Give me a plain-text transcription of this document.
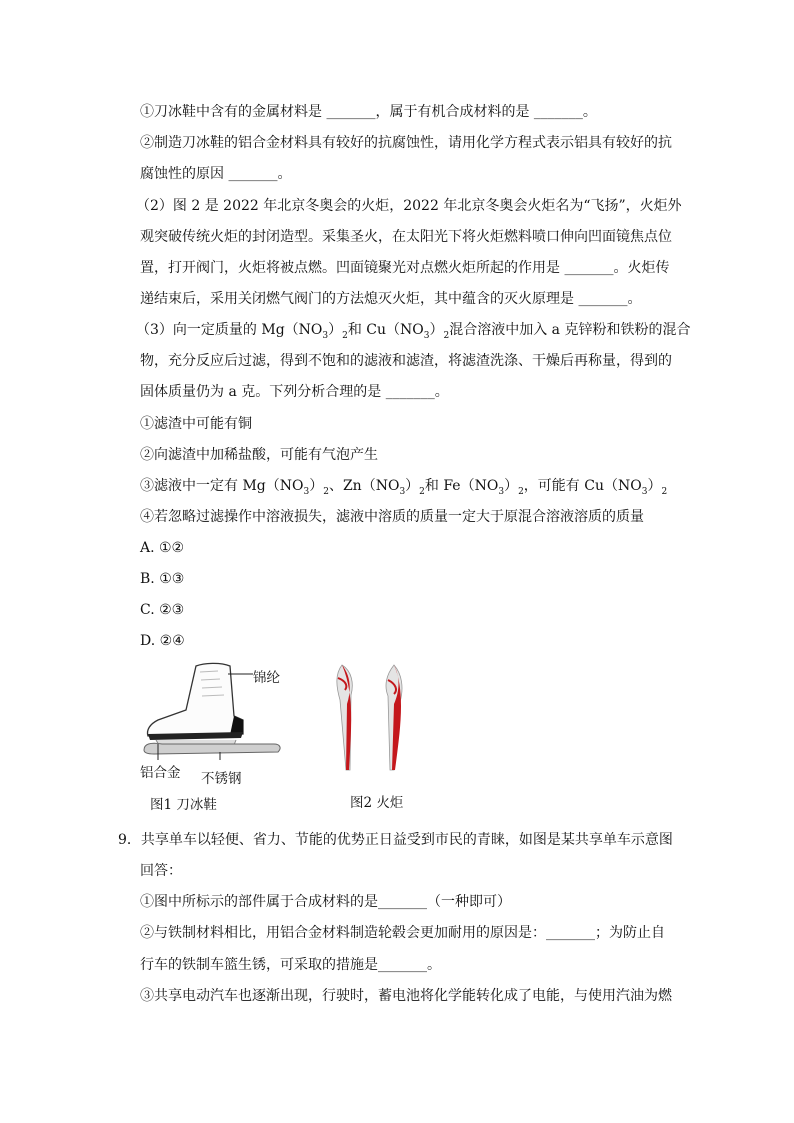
①刀冰鞋中含有的金属材料是 _______，属于有机合成材料的是 _______。
②制造刀冰鞋的铝合金材料具有较好的抗腐蚀性，请用化学方程式表示铝具有较好的抗
腐蚀性的原因 _______。
（2）图 2 是 2022 年北京冬奥会的火炬，2022 年北京冬奥会火炬名为“飞扬”，火炬外
观突破传统火炬的封闭造型。采集圣火，在太阳光下将火炬燃料喷口伸向凹面镜焦点位
置，打开阀门，火炬将被点燃。凹面镜聚光对点燃火炬所起的作用是 _______。火炬传
递结束后，采用关闭燃气阀门的方法熄灭火炬，其中蕴含的灭火原理是 _______。
（3）向一定质量的 $Mg(NO_3)_2$和 $Cu(NO_3)_2$混合溶液中加入 a 克锌粉和铁粉的混合
物，充分反应后过滤，得到不饱和的滤液和滤渣，将滤渣洗涤、干燥后再称量，得到的
固体质量仍为 a 克。下列分析合理的是 _______。
①滤渣中可能有铜
②向滤渣中加稀盐酸，可能有气泡产生
③滤液中一定有 $Mg(NO_3)_2$、$Zn(NO_3)_2$和 $Fe(NO_3)_2$，可能有 $Cu(NO_3)_2$
④若忽略过滤操作中溶液损失，滤液中溶质的质量一定大于原混合溶液溶质的质量
A. ①②
B. ①③
C. ②③
D. ②④
锦纶
铝合金 不锈钢
图1 刀冰鞋	图2 火炬
9．共享单车以轻便、省力、节能的优势正日益受到市民的青睐，如图是某共享单车示意图
回答：
①图中所标示的部件属于合成材料的是_______（一种即可）
②与铁制材料相比，用铝合金材料制造轮毂会更加耐用的原因是：_______；为防止自
行车的铁制车篮生锈，可采取的措施是_______。
③共享电动汽车也逐渐出现，行驶时，蓄电池将化学能转化成了电能，与使用汽油为燃
